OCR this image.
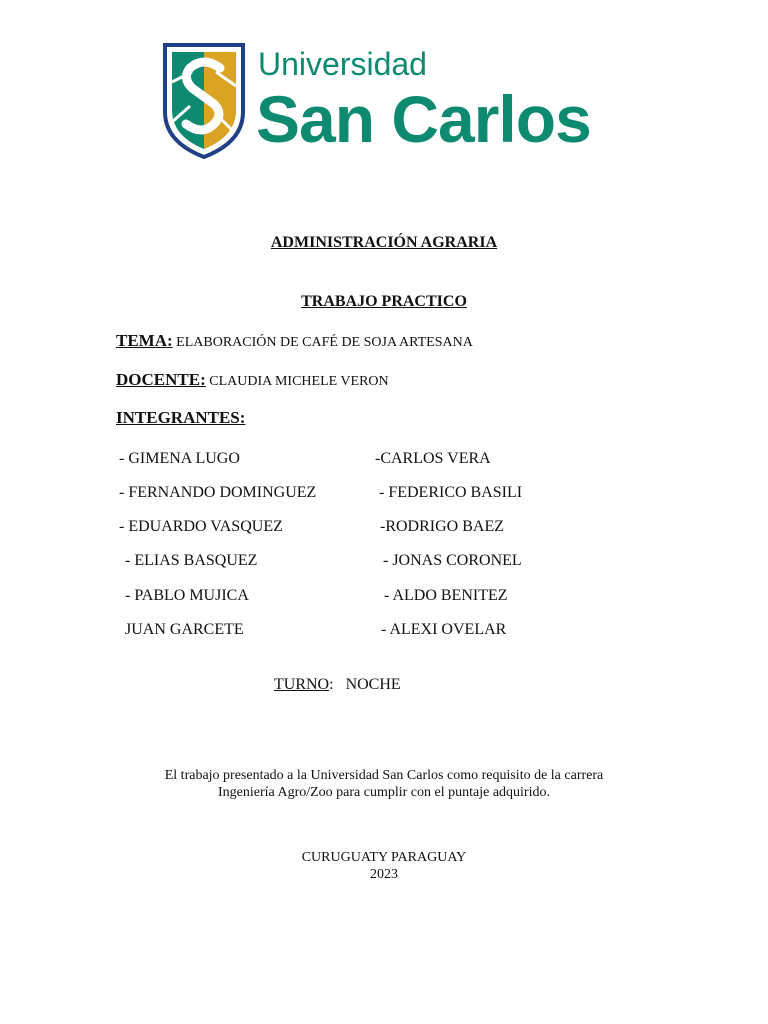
Universidad
San Carlos
ADMINISTRACIÓN AGRARIA
TRABAJO PRACTICO
TEMA: ELABORACIÓN DE CAFÉ DE SOJA ARTESANA
DOCENTE: CLAUDIA MICHELE VERON
INTEGRANTES:
- GIMENA LUGO
- FERNANDO DOMINGUEZ
- EDUARDO VASQUEZ
- ELIAS BASQUEZ
- PABLO MUJICA
JUAN GARCETE
-CARLOS VERA
- FEDERICO BASILI
-RODRIGO BAEZ
- JONAS CORONEL
- ALDO BENITEZ
- ALEXI OVELAR
TURNO:   NOCHE
El trabajo presentado a la Universidad San Carlos como requisito de la carrera
Ingeniería Agro/Zoo para cumplir con el puntaje adquirido.
CURUGUATY PARAGUAY
2023
